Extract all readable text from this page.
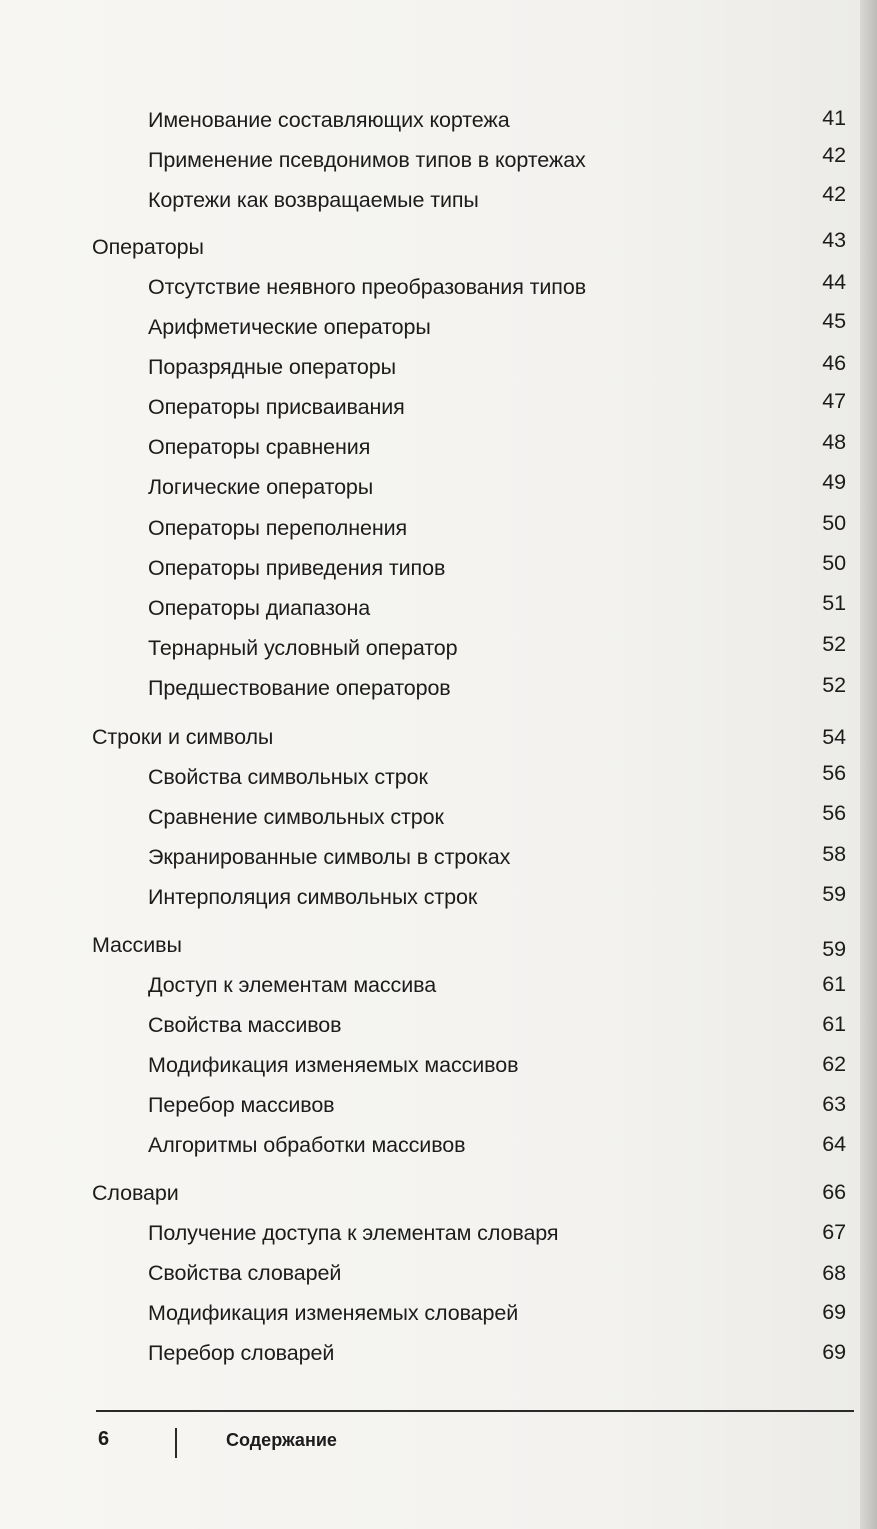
Именование составляющих кортежа	41
Применение псевдонимов типов в кортежах	42
Кортежи как возвращаемые типы	42
Операторы	43
Отсутствие неявного преобразования типов	44
Арифметические операторы	45
Поразрядные операторы	46
Операторы присваивания	47
Операторы сравнения	48
Логические операторы	49
Операторы переполнения	50
Операторы приведения типов	50
Операторы диапазона	51
Тернарный условный оператор	52
Предшествование операторов	52
Строки и символы	54
Свойства символьных строк	56
Сравнение символьных строк	56
Экранированные символы в строках	58
Интерполяция символьных строк	59
Массивы	59
Доступ к элементам массива	61
Свойства массивов	61
Модификация изменяемых массивов	62
Перебор массивов	63
Алгоритмы обработки массивов	64
Словари	66
Получение доступа к элементам словаря	67
Свойства словарей	68
Модификация изменяемых словарей	69
Перебор словарей	69
6	Содержание
